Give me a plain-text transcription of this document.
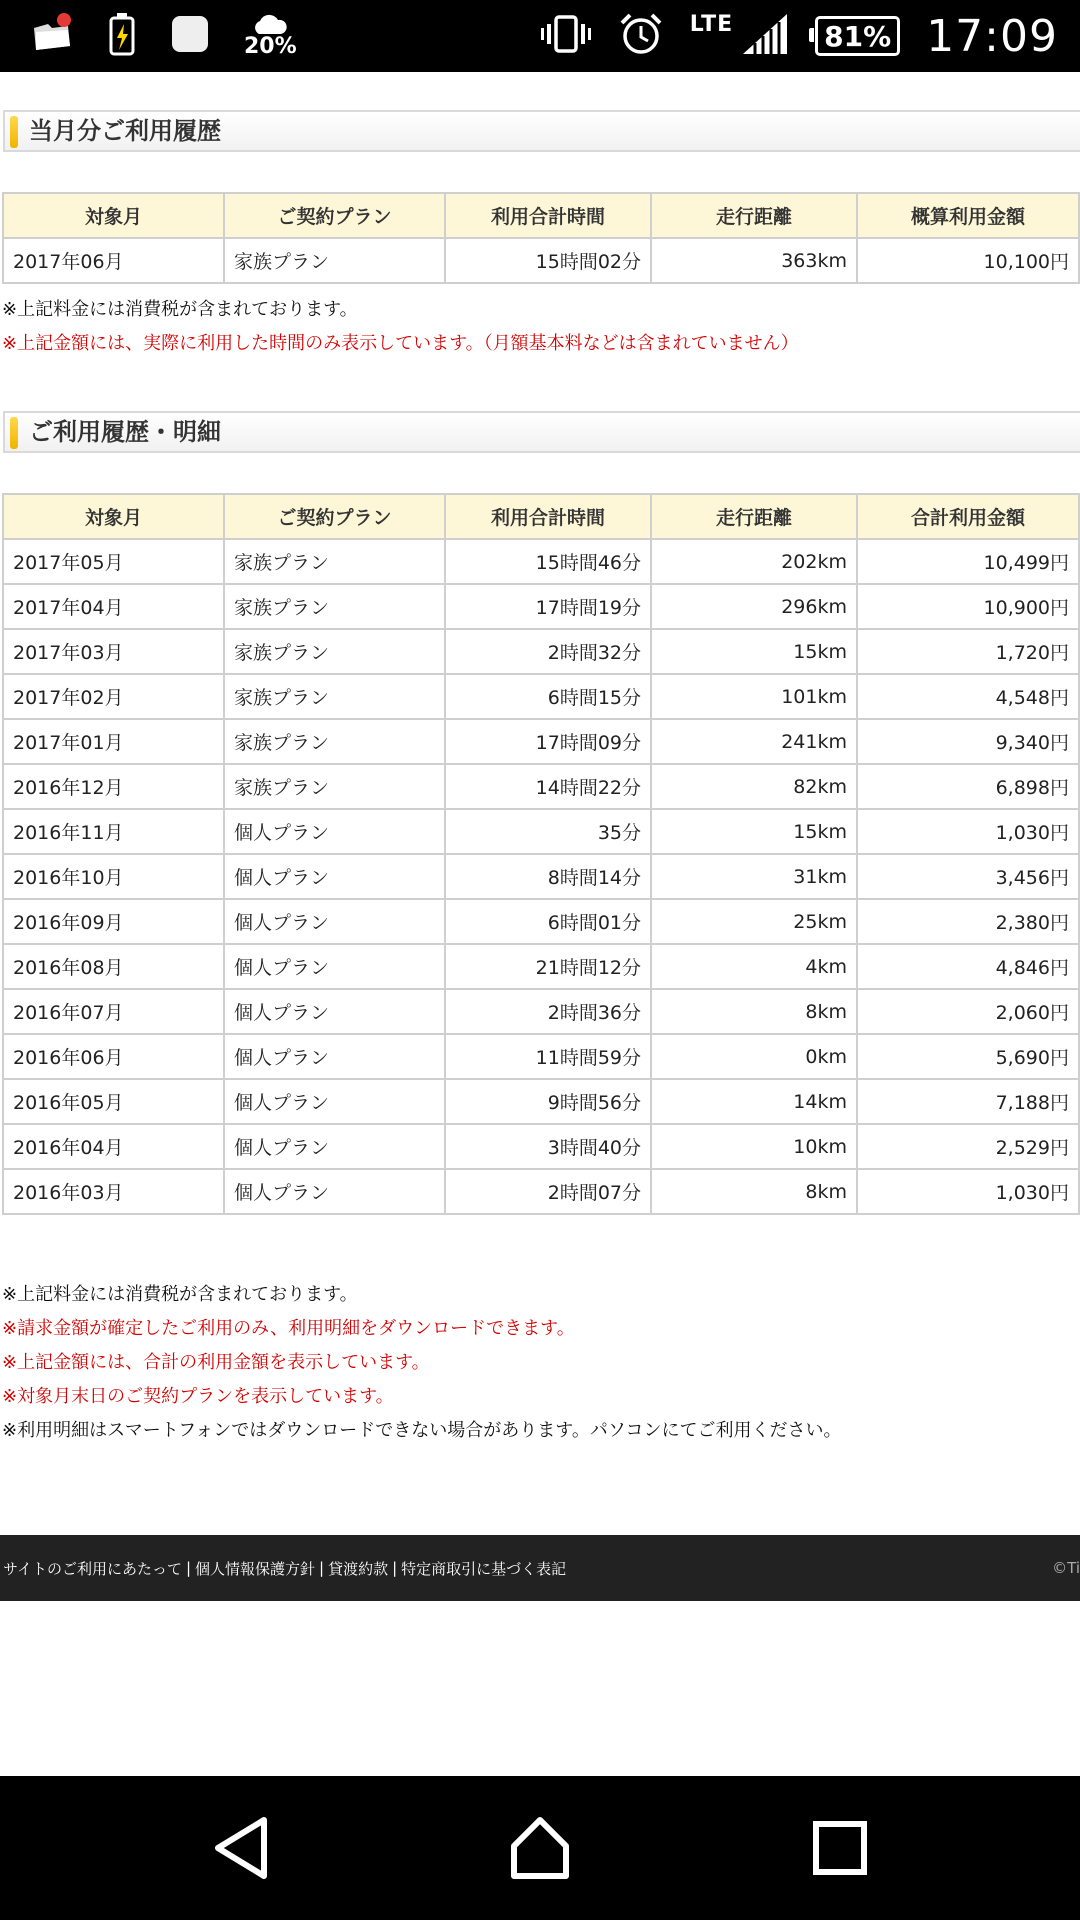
20%
LTE	81% 17:09
当月分ご利用履歴
対象月	ご契約プラン	利用合計時間	走行距離	概算利用金額	
2017年06月	家族プラン	15時間02分	363km	10,100円	
※上記料金には消費税が含まれております。
※上記金額には、実際に利用した時間のみ表示しています。（月額基本料などは含まれていません）
ご利用履歴・明細
対象月	ご契約プラン	利用合計時間	走行距離	合計利用金額	
2017年05月	家族プラン	15時間46分	202km	10,499円	
2017年04月	家族プラン	17時間19分	296km	10,900円	
2017年03月	家族プラン	2時間32分	15km	1,720円	
2017年02月	家族プラン	6時間15分	101km	4,548円	
2017年01月	家族プラン	17時間09分	241km	9,340円	
2016年12月	家族プラン	14時間22分	82km	6,898円	
2016年11月	個人プラン	35分	15km	1,030円	
2016年10月	個人プラン	8時間14分	31km	3,456円	
2016年09月	個人プラン	6時間01分	25km	2,380円	
2016年08月	個人プラン	21時間12分	4km	4,846円	
2016年07月	個人プラン	2時間36分	8km	2,060円	
2016年06月	個人プラン	11時間59分	0km	5,690円	
2016年05月	個人プラン	9時間56分	14km	7,188円	
2016年04月	個人プラン	3時間40分	10km	2,529円	
2016年03月	個人プラン	2時間07分	8km	1,030円	
※上記料金には消費税が含まれております。
※請求金額が確定したご利用のみ、利用明細をダウンロードできます。
※上記金額には、合計の利用金額を表示しています。
※対象月末日のご契約プランを表示しています。
※利用明細はスマートフォンではダウンロードできない場合があります。パソコンにてご利用ください。
サイトのご利用にあたって | 個人情報保護方針 | 貸渡約款 | 特定商取引に基づく表記	©Ti
